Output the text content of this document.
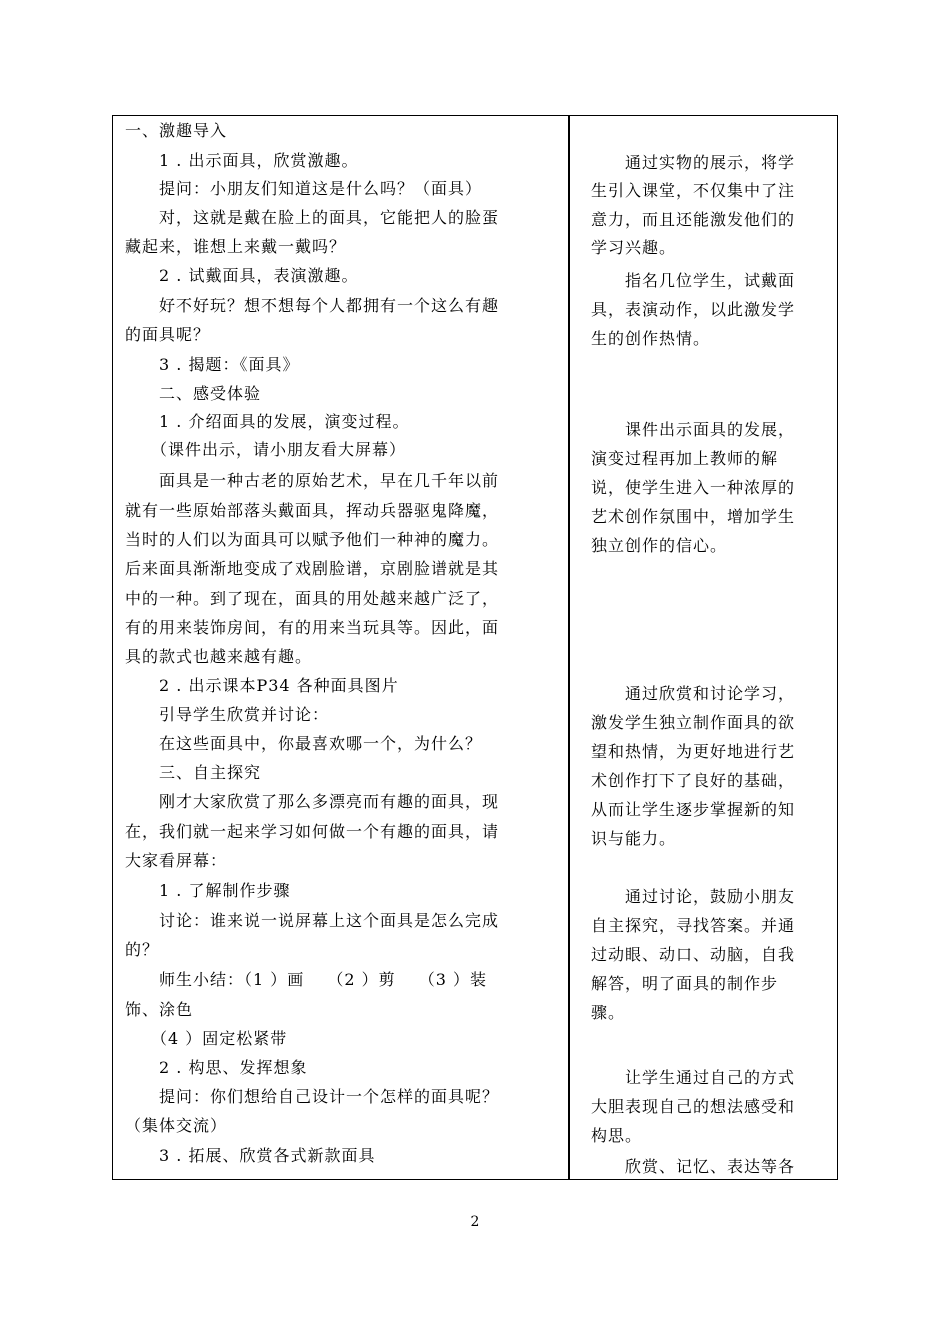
一、激趣导入
　　1 . 出示面具，欣赏激趣。
　　提问：小朋友们知道这是什么吗？（面具）
　　对，这就是戴在脸上的面具，它能把人的脸蛋
藏起来，谁想上来戴一戴吗？
　　2 . 试戴面具，表演激趣。
　　好不好玩？想不想每个人都拥有一个这么有趣
的面具呢？
　　3 . 揭题：《面具》
　　二、感受体验
　　1 . 介绍面具的发展，演变过程。
　　（课件出示，请小朋友看大屏幕）
　　面具是一种古老的原始艺术，早在几千年以前
就有一些原始部落头戴面具，挥动兵器驱鬼降魔，
当时的人们以为面具可以赋予他们一种神的魔力。
后来面具渐渐地变成了戏剧脸谱，京剧脸谱就是其
中的一种。到了现在，面具的用处越来越广泛了，
有的用来装饰房间，有的用来当玩具等。因此，面
具的款式也越来越有趣。
　　2 . 出示课本P34 各种面具图片
　　引导学生欣赏并讨论：
　　在这些面具中，你最喜欢哪一个，为什么？
　　三、自主探究
　　刚才大家欣赏了那么多漂亮而有趣的面具，现
在，我们就一起来学习如何做一个有趣的面具，请
大家看屏幕：
　　1 . 了解制作步骤
　　讨论：谁来说一说屏幕上这个面具是怎么完成
的？
　　师生小结：（1 ）画　 （2 ）剪　 （3 ）装
饰、涂色
　　（4 ）固定松紧带
　　2 . 构思、发挥想象
　　提问：你们想给自己设计一个怎样的面具呢？
（集体交流）
　　3 . 拓展、欣赏各式新款面具
　　通过实物的展示，将学
生引入课堂，不仅集中了注
意力，而且还能激发他们的
学习兴趣。
　　指名几位学生，试戴面
具，表演动作，以此激发学
生的创作热情。
　　课件出示面具的发展，
演变过程再加上教师的解
说，使学生进入一种浓厚的
艺术创作氛围中，增加学生
独立创作的信心。
　　通过欣赏和讨论学习，
激发学生独立制作面具的欲
望和热情，为更好地进行艺
术创作打下了良好的基础，
从而让学生逐步掌握新的知
识与能力。
　　通过讨论，鼓励小朋友
自主探究，寻找答案。并通
过动眼、动口、动脑，自我
解答，明了面具的制作步
骤。
　　让学生通过自己的方式
大胆表现自己的想法感受和
构思。
　　欣赏、记忆、表达等各
2
